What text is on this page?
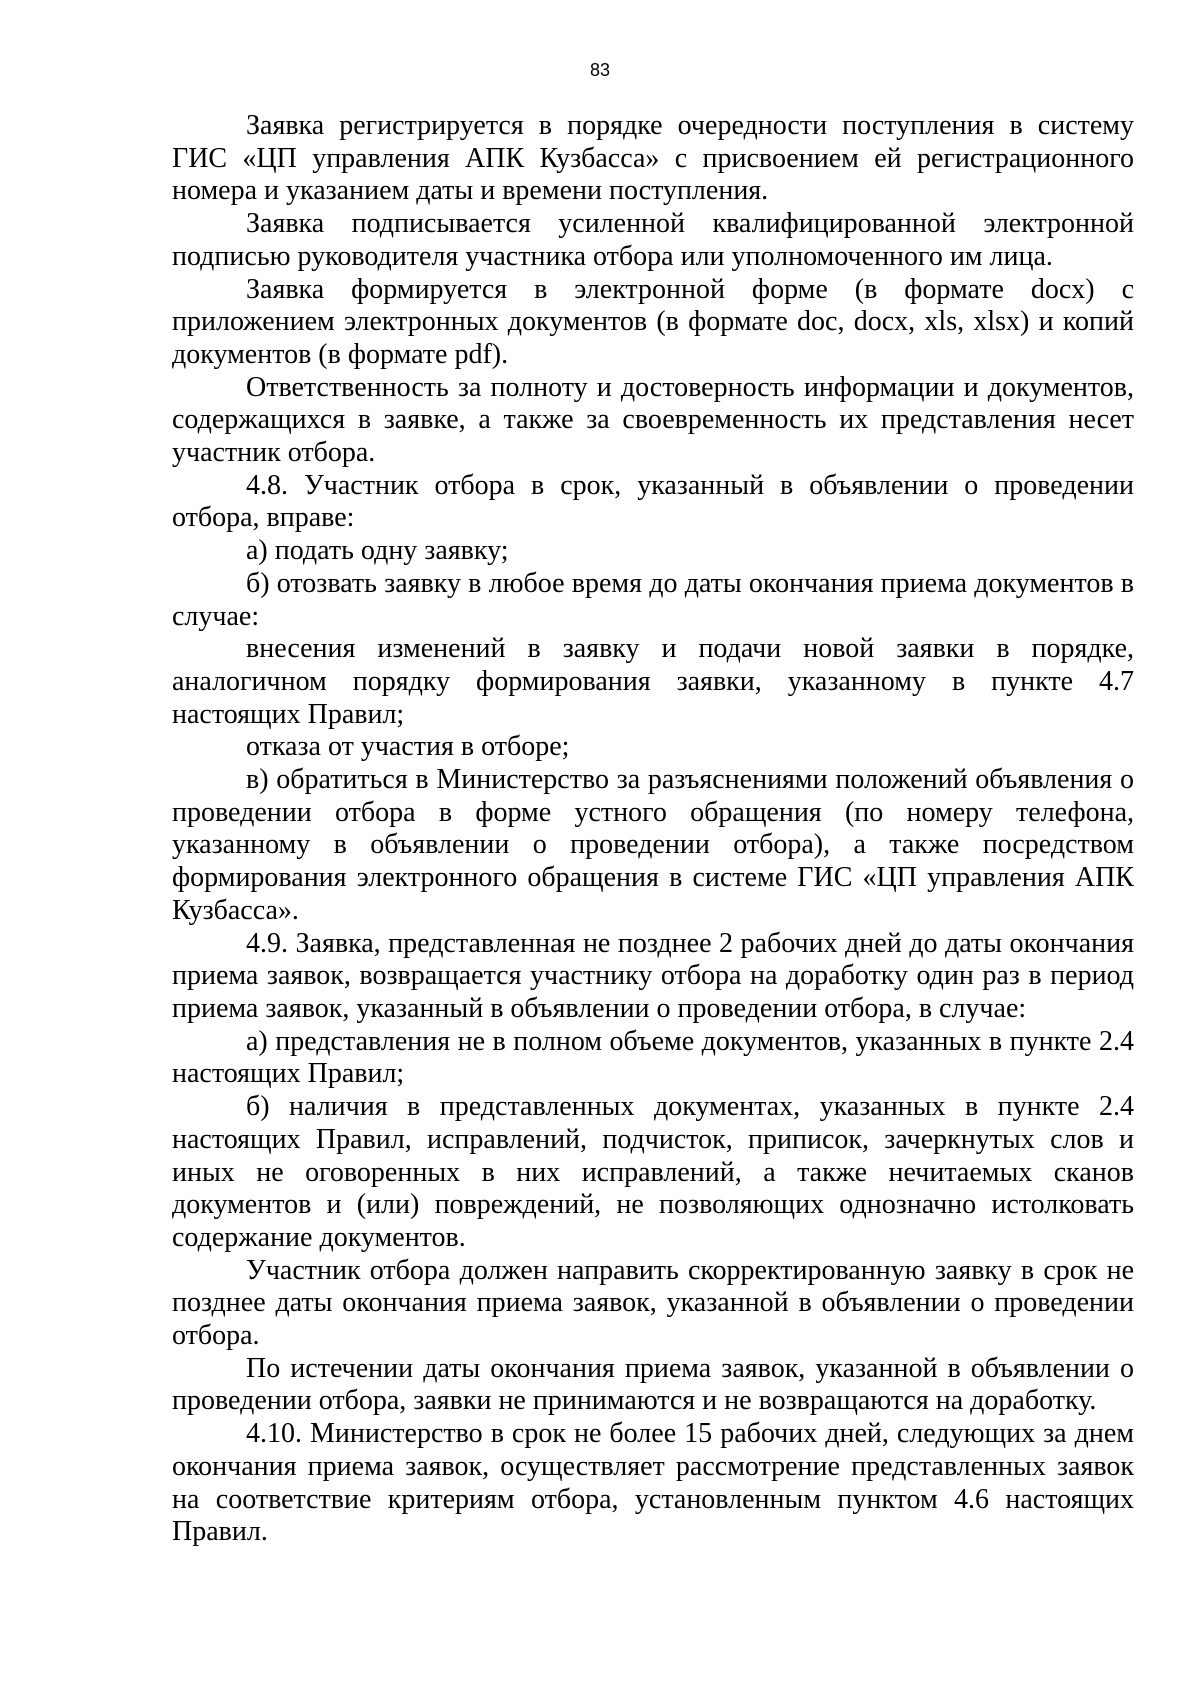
83

Заявка регистрируется в порядке очередности поступления в систему ГИС «ЦП управления АПК Кузбасса» с присвоением ей регистрационного номера и указанием даты и времени поступления.

Заявка подписывается усиленной квалифицированной электронной подписью руководителя участника отбора или уполномоченного им лица.

Заявка формируется в электронной форме (в формате docx) с приложением электронных документов (в формате doc, docx, xls, xlsx) и копий документов (в формате pdf).

Ответственность за полноту и достоверность информации и документов, содержащихся в заявке, а также за своевременность их представления несет участник отбора.

4.8. Участник отбора в срок, указанный в объявлении о проведении отбора, вправе:

а) подать одну заявку;

б) отозвать заявку в любое время до даты окончания приема документов в случае:

внесения изменений в заявку и подачи новой заявки в порядке, аналогичном порядку формирования заявки, указанному в пункте 4.7 настоящих Правил;

отказа от участия в отборе;

в) обратиться в Министерство за разъяснениями положений объявления о проведении отбора в форме устного обращения (по номеру телефона, указанному в объявлении о проведении отбора), а также посредством формирования электронного обращения в системе ГИС «ЦП управления АПК Кузбасса».

4.9. Заявка, представленная не позднее 2 рабочих дней до даты окончания приема заявок, возвращается участнику отбора на доработку один раз в период приема заявок, указанный в объявлении о проведении отбора, в случае:

а) представления не в полном объеме документов, указанных в пункте 2.4 настоящих Правил;

б) наличия в представленных документах, указанных в пункте 2.4 настоящих Правил, исправлений, подчисток, приписок, зачеркнутых слов и иных не оговоренных в них исправлений, а также нечитаемых сканов документов и (или) повреждений, не позволяющих однозначно истолковать содержание документов.

Участник отбора должен направить скорректированную заявку в срок не позднее даты окончания приема заявок, указанной в объявлении о проведении отбора.

По истечении даты окончания приема заявок, указанной в объявлении о проведении отбора, заявки не принимаются и не возвращаются на доработку.

4.10. Министерство в срок не более 15 рабочих дней, следующих за днем окончания приема заявок, осуществляет рассмотрение представленных заявок на соответствие критериям отбора, установленным пунктом 4.6 настоящих Правил.
